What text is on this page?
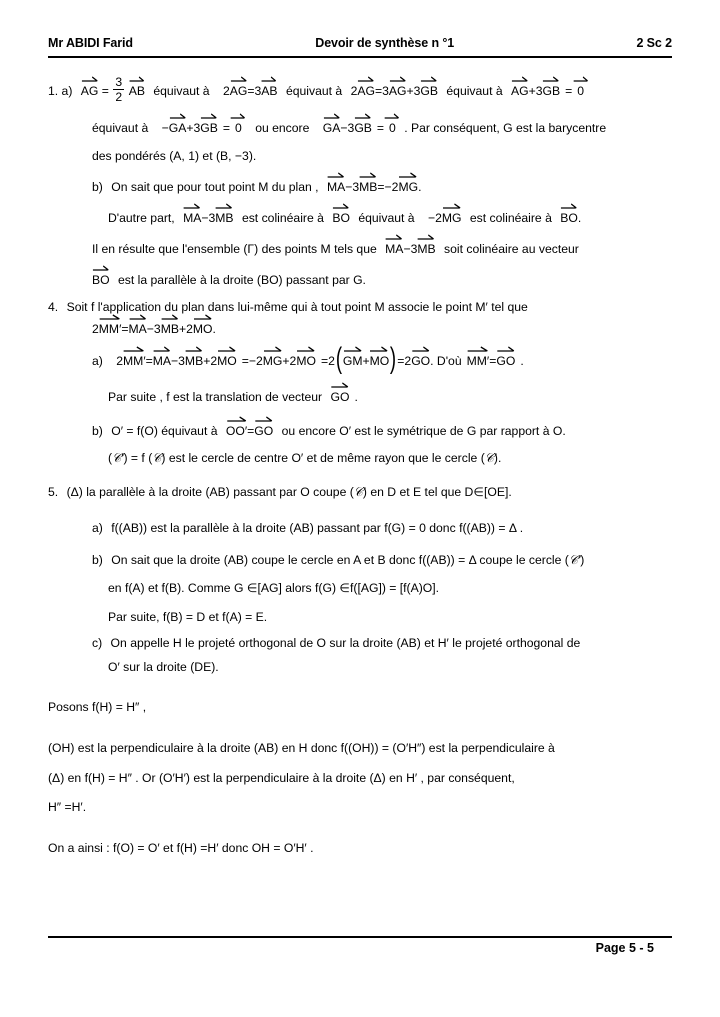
Mr ABIDI Farid	Devoir de synthèse n °1	2 Sc 2
1. a) AG = $\frac{3}{2}$
AB équivaut à 2
AG=3
AB équivaut à 2
AG=3
AG+3
GB équivaut à AG+3
GB = 0
équivaut à −
GA+3
GB = 0 ou encore GA−3
GB = 0 . Par conséquent, G est la barycentre
des pondérés (A, 1) et (B, −3).
b) On sait que pour tout point M du plan , MA−3
MB=−2
MG.
D'autre part, MA−3
MB est colinéaire à BO équivaut à −2
MG est colinéaire à BO.
Il en résulte que l'ensemble (Γ) des points M tels que MA−3
MB soit colinéaire au vecteur
BO est la parallèle à la droite (BO) passant par G.
4. Soit f l'application du plan dans lui-même qui à tout point M associe le point M′ tel que
2
MM′=
MA−3
MB+2
MO.
a) 2
MM′=
MA−3
MB+2
MO =−2
MG+2
MO =2(
GM+
MO)=2
GO. D'où MM′=
GO .
Par suite , f est la translation de vecteur GO .
b) O′ = f(O) équivaut à OO′=
GO ou encore O′ est le symétrique de G par rapport à O.
(𝒞′) = f (𝒞) est le cercle de centre O′ et de même rayon que le cercle (𝒞).
5. (Δ) la parallèle à la droite (AB) passant par O coupe (𝒞) en D et E tel que D∈[OE].
a) f((AB)) est la parallèle à la droite (AB) passant par f(G) = 0 donc f((AB)) = Δ .
b) On sait que la droite (AB) coupe le cercle en A et B donc f((AB)) = Δ coupe le cercle (𝒞′)
en f(A) et f(B). Comme G ∈[AG] alors f(G) ∈f([AG]) = [f(A)O].
Par suite, f(B) = D et f(A) = E.
c) On appelle H le projeté orthogonal de O sur la droite (AB) et H′ le projeté orthogonal de
O′ sur la droite (DE).
Posons f(H) = H″ ,
(OH) est la perpendiculaire à la droite (AB) en H donc f((OH)) = (O′H″) est la perpendiculaire à
(Δ) en f(H) = H″ . Or (O′H′) est la perpendiculaire à la droite (Δ) en H′ , par conséquent,
H″ =H′.
On a ainsi : f(O) = O′ et f(H) =H′ donc OH = O′H′ .
Page 5 - 5
